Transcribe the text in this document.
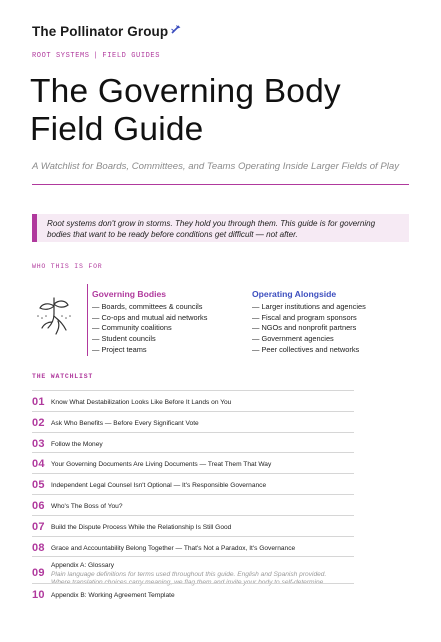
The Pollinator Group
ROOT SYSTEMS | FIELD GUIDES
The Governing Body
Field Guide
A Watchlist for Boards, Committees, and Teams Operating Inside Larger Fields of Play
Root systems don't grow in storms. They hold you through them. This guide is for governing bodies that want to be ready before conditions get difficult — not after.
WHO THIS IS FOR
Governing Bodies
— Boards, committees & councils
— Co-ops and mutual aid networks
— Community coalitions
— Student councils
— Project teams
Operating Alongside
— Larger institutions and agencies
— Fiscal and program sponsors
— NGOs and nonprofit partners
— Government agencies
— Peer collectives and networks
THE WATCHLIST
01 Know What Destabilization Looks Like Before It Lands on You
02 Ask Who Benefits — Before Every Significant Vote
03 Follow the Money
04 Your Governing Documents Are Living Documents — Treat Them That Way
05 Independent Legal Counsel Isn't Optional — It's Responsible Governance
06 Who's The Boss of You?
07 Build the Dispute Process While the Relationship Is Still Good
08 Grace and Accountability Belong Together — That's Not a Paradox, It's Governance
09
Appendix A: Glossary
Plain language definitions for terms used throughout this guide. English and Spanish provided.
Where translation choices carry meaning, we flag them and invite your body to self-determine.
10 Appendix B: Working Agreement Template
